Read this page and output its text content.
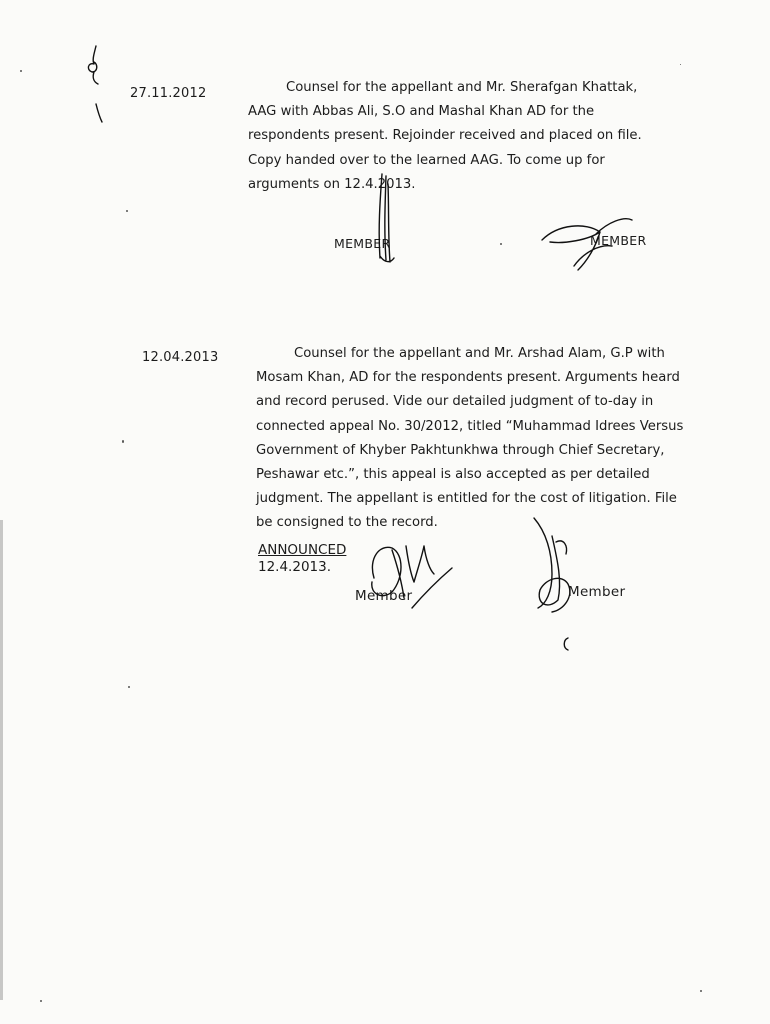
27.11.2012	Counsel for the appellant and Mr. Sherafgan Khattak,
AAG with Abbas Ali, S.O and Mashal Khan AD for the
respondents present. Rejoinder received and placed on file.
Copy handed over to the learned AAG. To come up for
arguments on 12.4.2013.
MEMBER	MEMBER
12.04.2013	Counsel for the appellant and Mr. Arshad Alam, G.P with
Mosam Khan, AD for the respondents present. Arguments heard
and record perused. Vide our detailed judgment of to-day in
connected appeal No. 30/2012, titled “Muhammad Idrees Versus
Government of Khyber Pakhtunkhwa through Chief Secretary,
Peshawar etc.”, this appeal is also accepted as per detailed
judgment. The appellant is entitled for the cost of litigation. File
be consigned to the record.
ANNOUNCED
12.4.2013.
Member	Member
